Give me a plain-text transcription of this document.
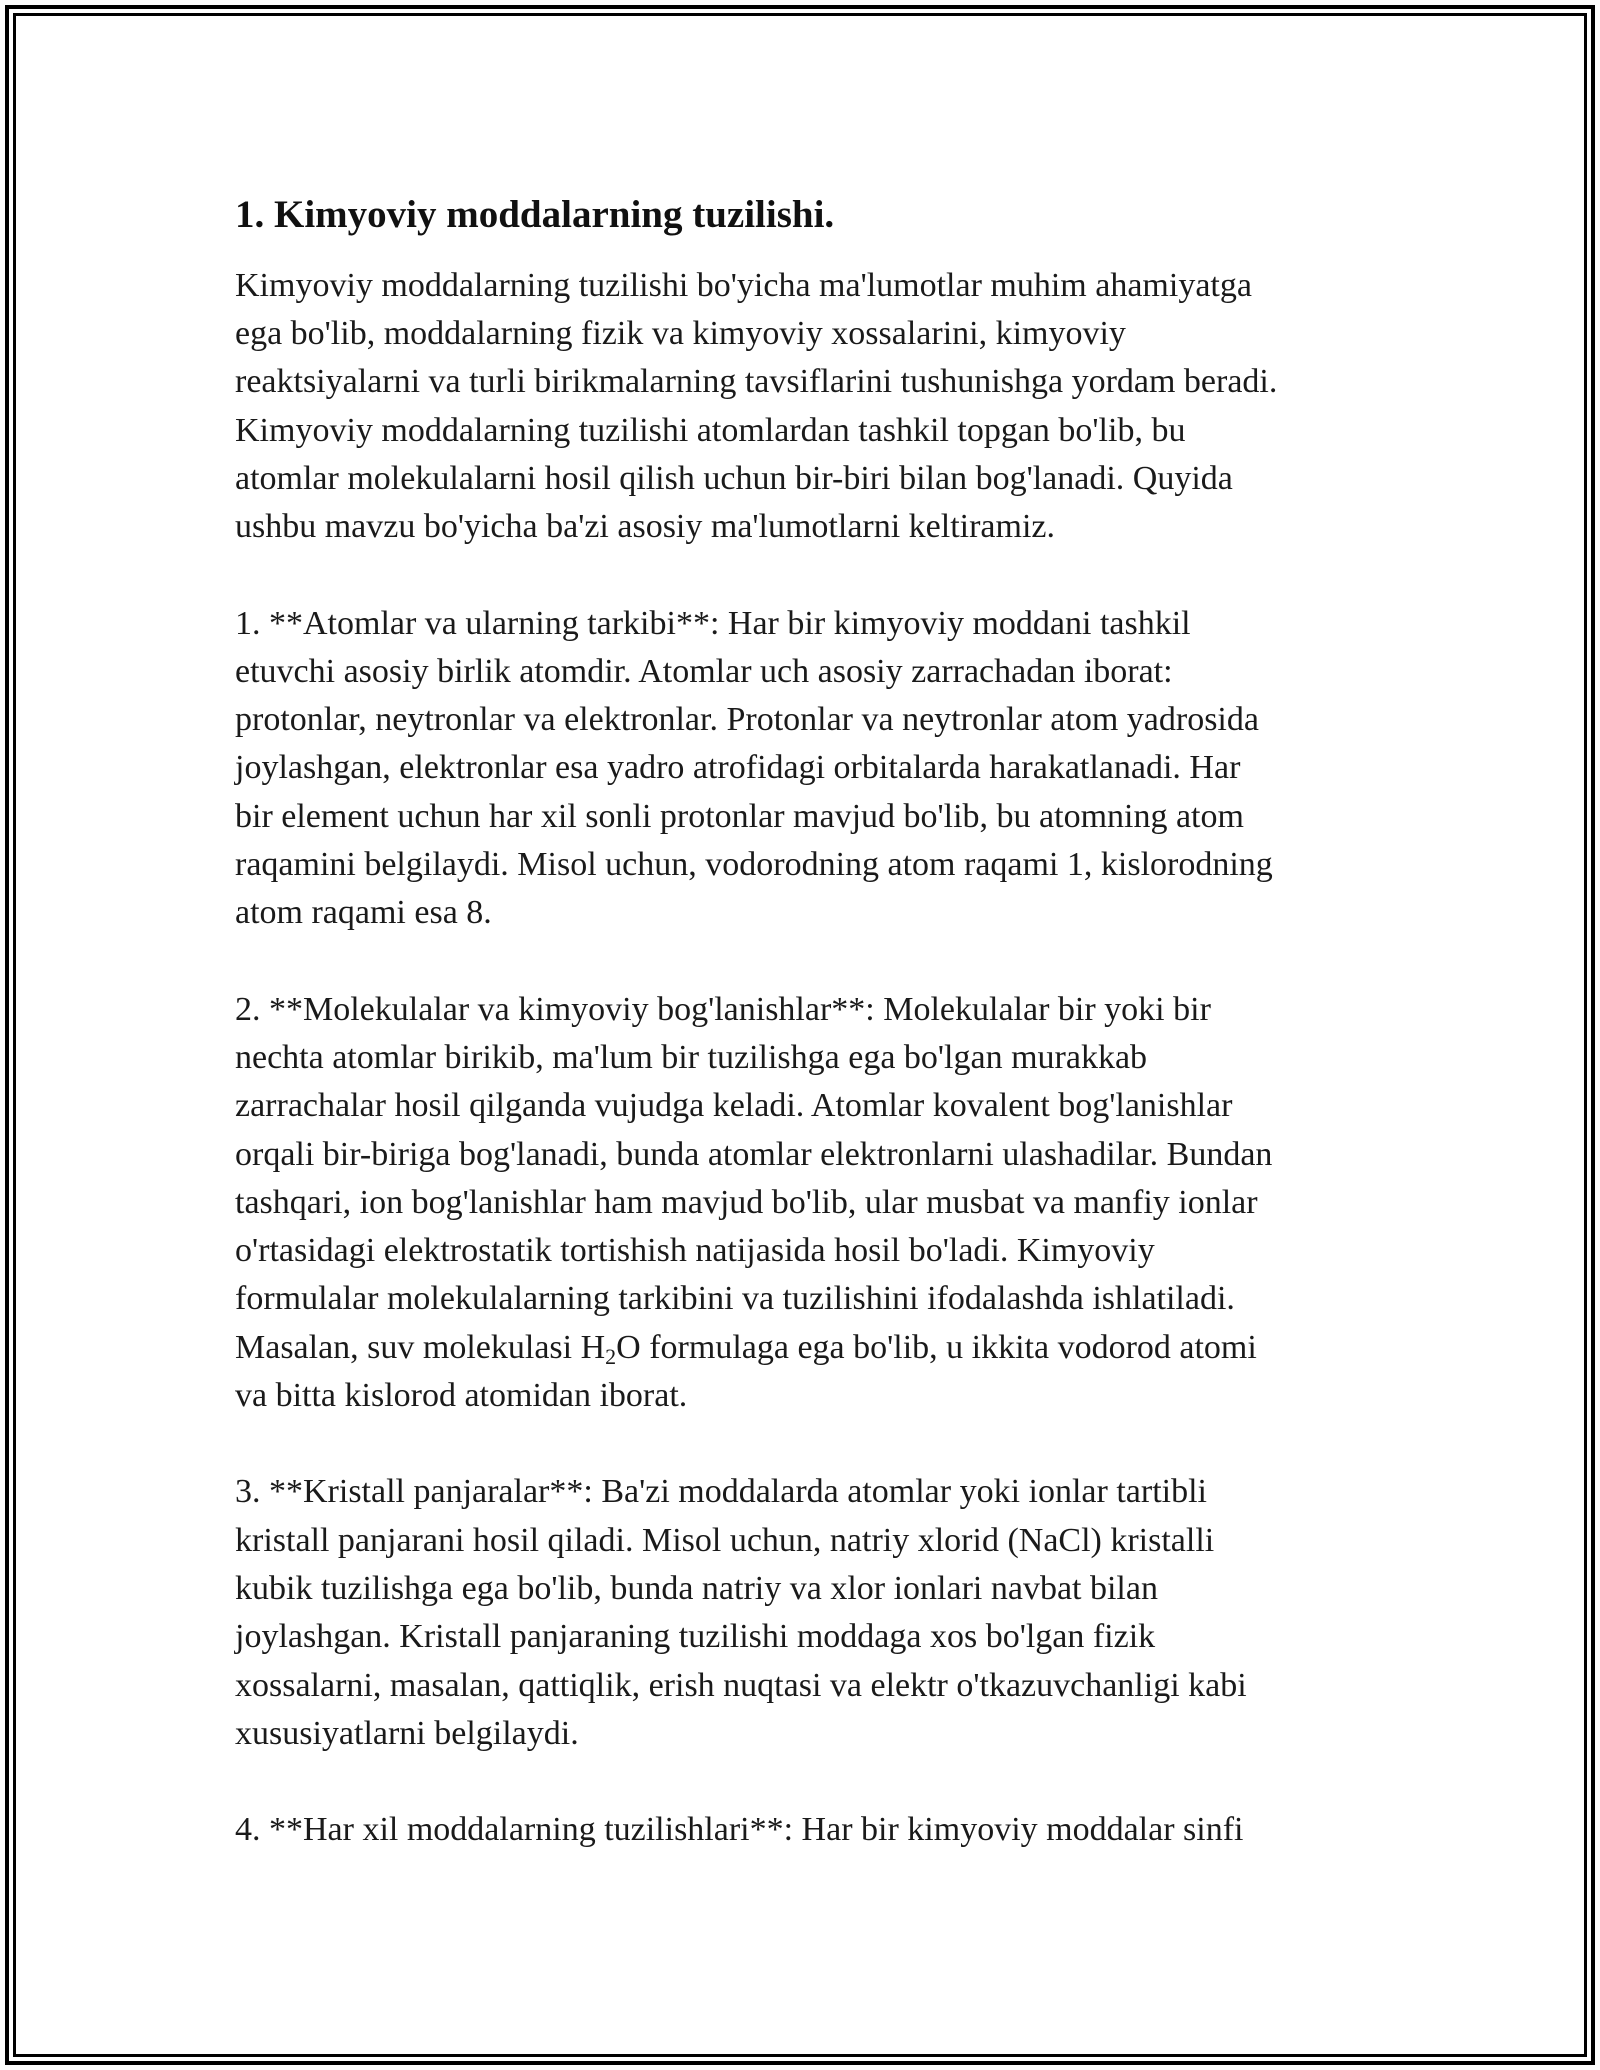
1. Kimyoviy moddalarning tuzilishi.

Kimyoviy moddalarning tuzilishi bo'yicha ma'lumotlar muhim ahamiyatga
ega bo'lib, moddalarning fizik va kimyoviy xossalarini, kimyoviy
reaktsiyalarni va turli birikmalarning tavsiflarini tushunishga yordam beradi.
Kimyoviy moddalarning tuzilishi atomlardan tashkil topgan bo'lib, bu
atomlar molekulalarni hosil qilish uchun bir-biri bilan bog'lanadi. Quyida
ushbu mavzu bo'yicha ba'zi asosiy ma'lumotlarni keltiramiz.

1. **Atomlar va ularning tarkibi**: Har bir kimyoviy moddani tashkil
etuvchi asosiy birlik atomdir. Atomlar uch asosiy zarrachadan iborat:
protonlar, neytronlar va elektronlar. Protonlar va neytronlar atom yadrosida
joylashgan, elektronlar esa yadro atrofidagi orbitalarda harakatlanadi. Har
bir element uchun har xil sonli protonlar mavjud bo'lib, bu atomning atom
raqamini belgilaydi. Misol uchun, vodorodning atom raqami 1, kislorodning
atom raqami esa 8.

2. **Molekulalar va kimyoviy bog'lanishlar**: Molekulalar bir yoki bir
nechta atomlar birikib, ma'lum bir tuzilishga ega bo'lgan murakkab
zarrachalar hosil qilganda vujudga keladi. Atomlar kovalent bog'lanishlar
orqali bir-biriga bog'lanadi, bunda atomlar elektronlarni ulashadilar. Bundan
tashqari, ion bog'lanishlar ham mavjud bo'lib, ular musbat va manfiy ionlar
o'rtasidagi elektrostatik tortishish natijasida hosil bo'ladi. Kimyoviy
formulalar molekulalarning tarkibini va tuzilishini ifodalashda ishlatiladi.
Masalan, suv molekulasi $H_2O$ formulaga ega bo'lib, u ikkita vodorod atomi
va bitta kislorod atomidan iborat.

3. **Kristall panjaralar**: Ba'zi moddalarda atomlar yoki ionlar tartibli
kristall panjarani hosil qiladi. Misol uchun, natriy xlorid (NaCl) kristalli
kubik tuzilishga ega bo'lib, bunda natriy va xlor ionlari navbat bilan
joylashgan. Kristall panjaraning tuzilishi moddaga xos bo'lgan fizik
xossalarni, masalan, qattiqlik, erish nuqtasi va elektr o'tkazuvchanligi kabi
xususiyatlarni belgilaydi.

4. **Har xil moddalarning tuzilishlari**: Har bir kimyoviy moddalar sinfi
